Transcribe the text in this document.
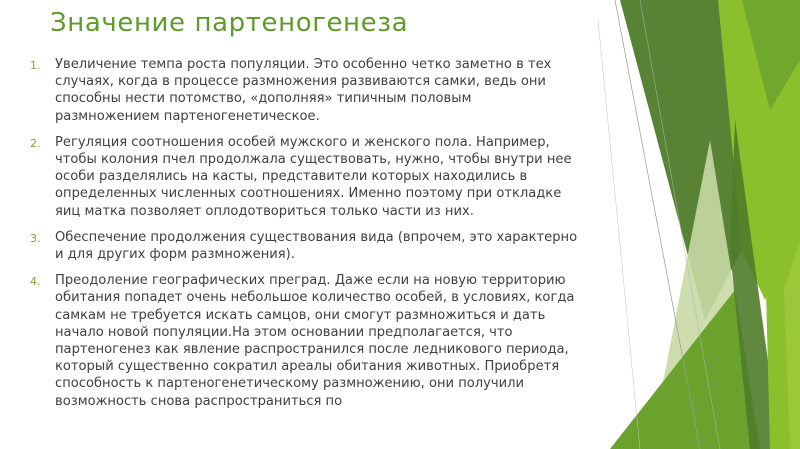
Значение партеногенеза
1. Увеличение темпа роста популяции. Это особенно четко заметно в тех случаях, когда в процессе размножения развиваются самки, ведь они способны нести потомство, «дополняя» типичным половым размножением партеногенетическое.
2. Регуляция соотношения особей мужского и женского пола. Например, чтобы колония пчел продолжала существовать, нужно, чтобы внутри нее особи разделялись на касты, представители которых находились в определенных численных соотношениях. Именно поэтому при откладке яиц матка позволяет оплодотвориться только части из них.
3. Обеспечение продолжения существования вида (впрочем, это характерно и для других форм размножения).
4. Преодоление географических преград. Даже если на новую территорию обитания попадет очень небольшое количество особей, в условиях, когда самкам не требуется искать самцов, они смогут размножиться и дать начало новой популяции.На этом основании предполагается, что партеногенез как явление распространился после ледникового периода, который существенно сократил ареалы обитания животных. Приобретя способность к партеногенетическому размножению, они получили возможность снова распространиться по
